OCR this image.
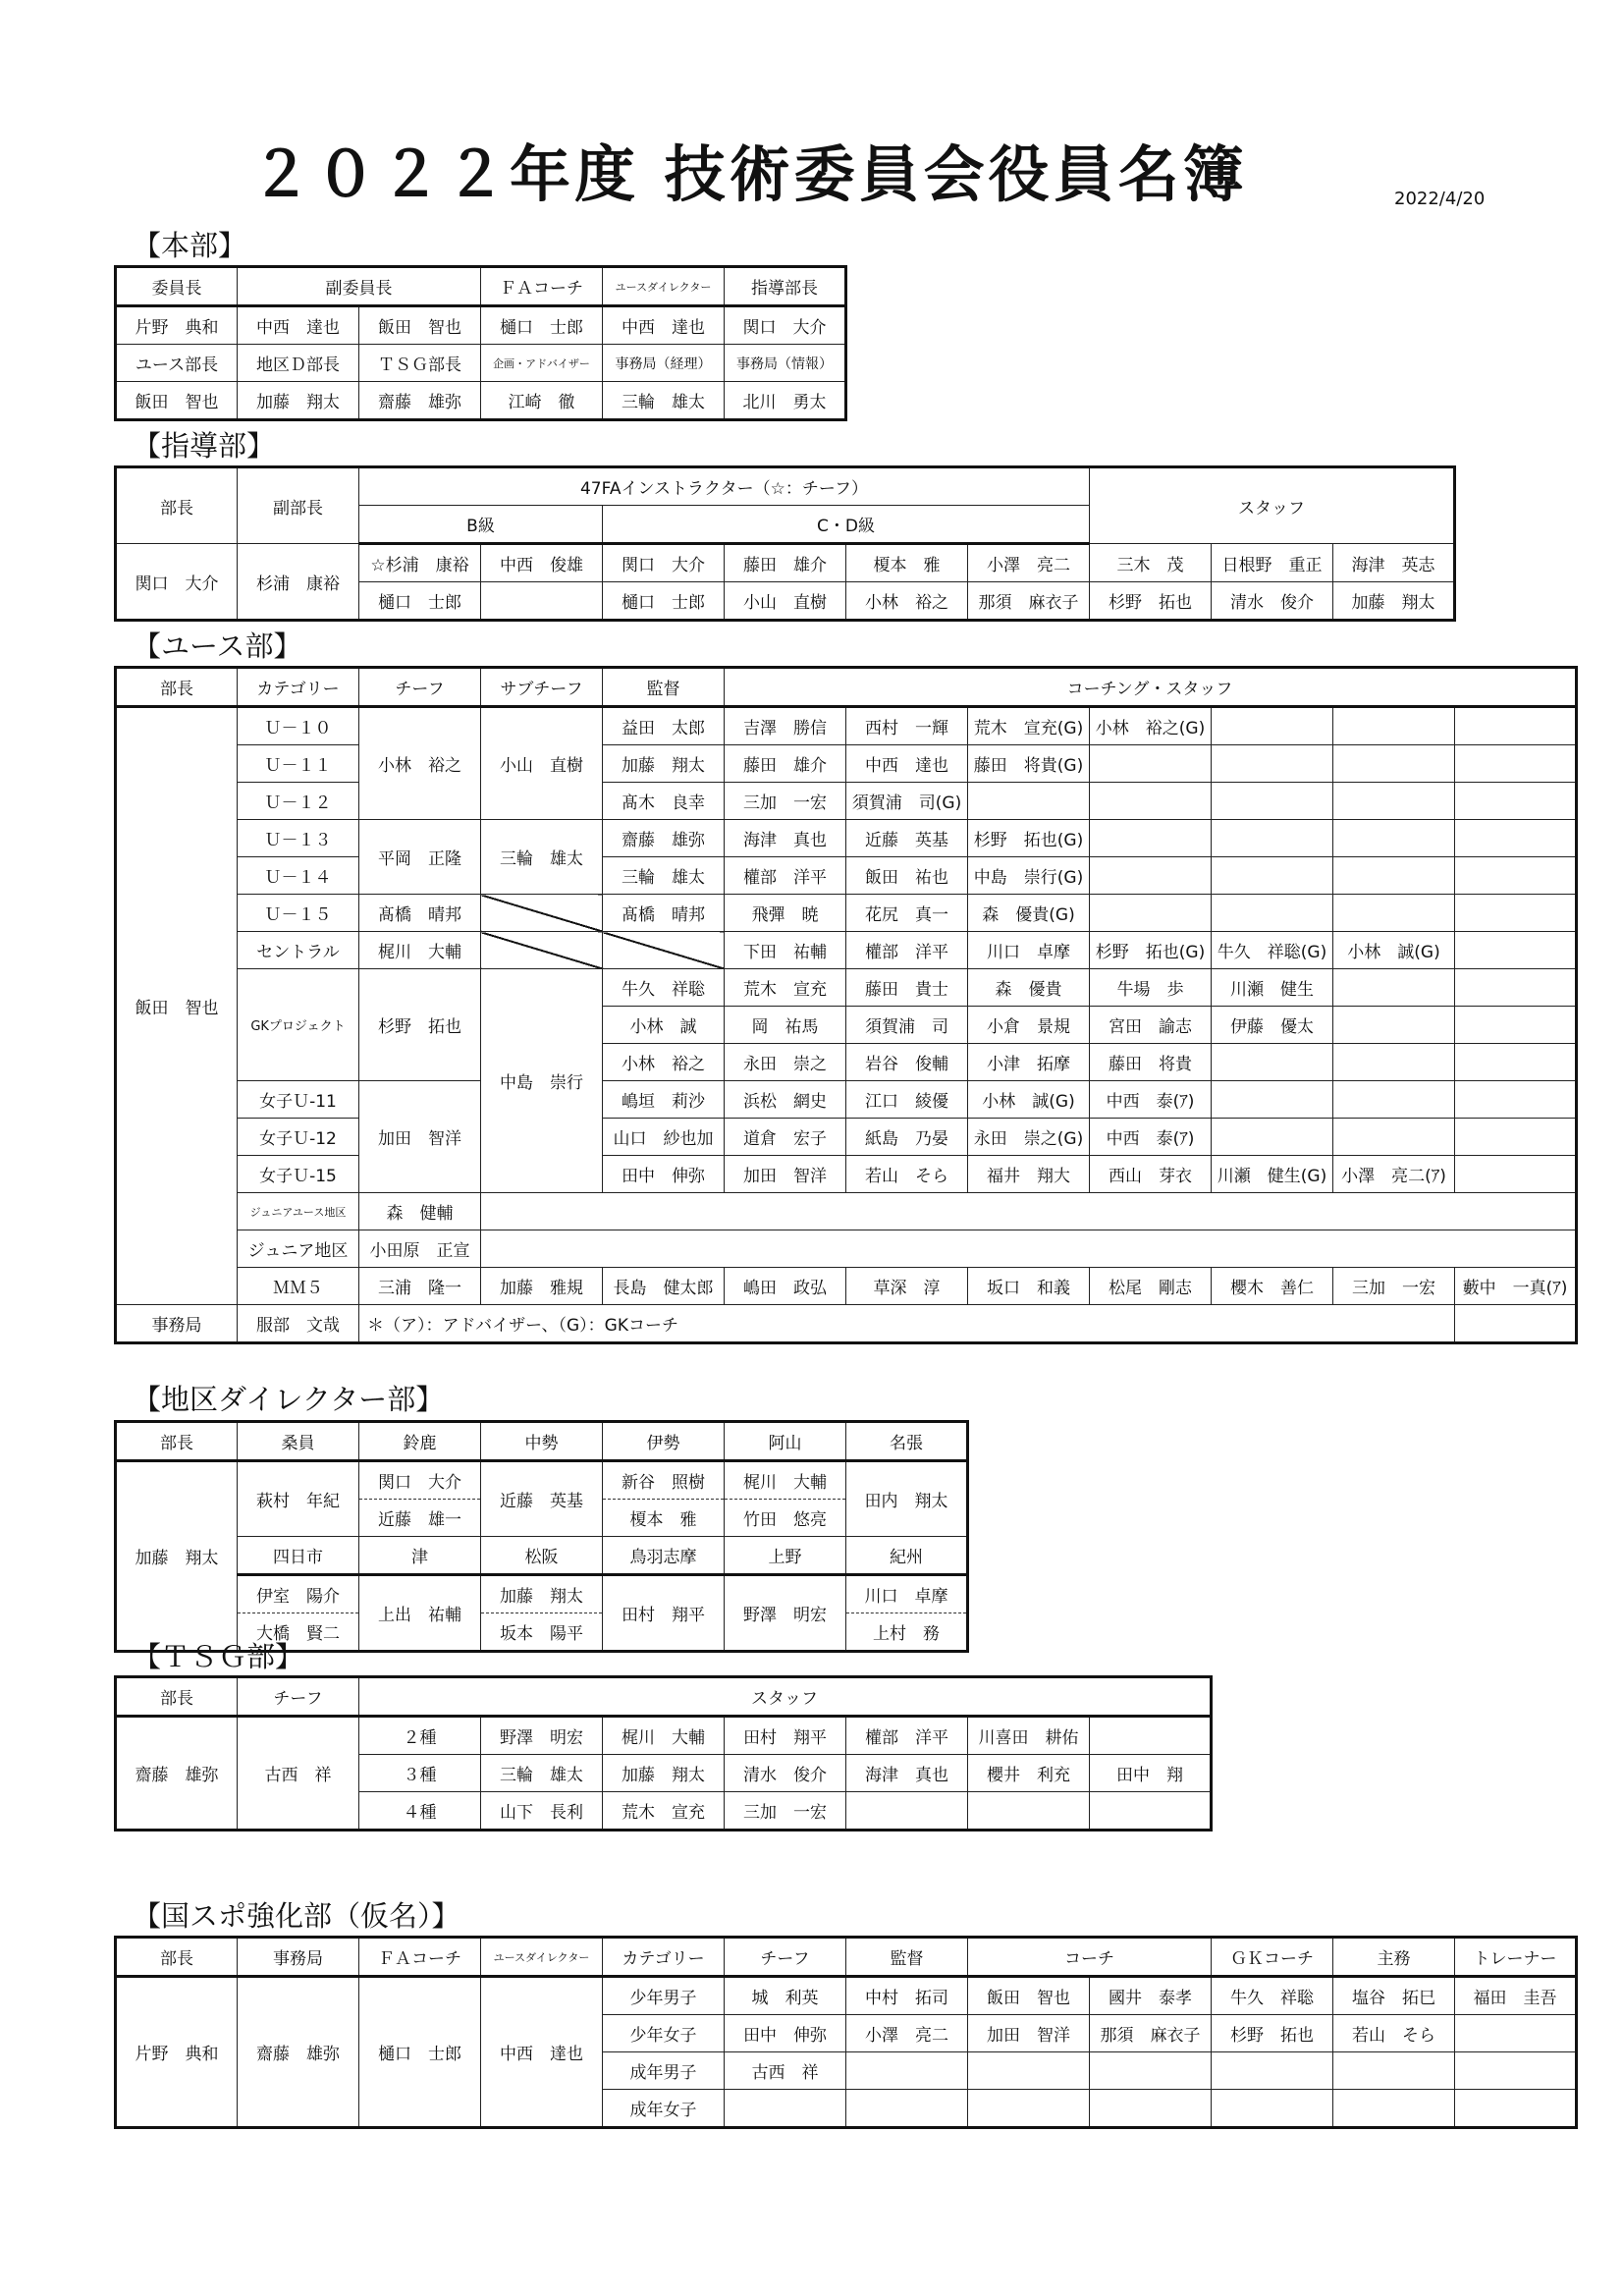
２０２２年度 技術委員会役員名簿	2022/4/20
【本部】
委員長	副委員長		ＦＡコーチ	ユースダイレクター	指導部長
片野　典和	中西　達也	飯田　智也	樋口　士郎	中西　達也	関口　大介
ユース部長	地区Ｄ部長	ＴＳＧ部長	企画・アドバイザー	事務局（経理）	事務局（情報）
飯田　智也	加藤　翔太	齋藤　雄弥	江崎　徹	三輪　雄太	北川　勇太
【指導部】
部長	副部長	47FAインストラクター（☆：チーフ）						スタッフ		
		B級		C・D級						
関口　大介	杉浦　康裕	☆杉浦　康裕	中西　俊雄	関口　大介	藤田　雄介	榎本　雅	小澤　亮二	三木　茂	日根野　重正	海津　英志
		樋口　士郎		樋口　士郎	小山　直樹	小林　裕之	那須　麻衣子	杉野　拓也	清水　俊介	加藤　翔太
【ユース部】
部長	カテゴリー	チーフ	サブチーフ	監督	コーチング・スタッフ						
飯田　智也	Ｕ－１０	小林　裕之	小山　直樹	益田　太郎	吉澤　勝信	西村　一輝	荒木　宣充(G)	小林　裕之(G)			
	Ｕ－１１			加藤　翔太	藤田　雄介	中西　達也	藤田　将貴(G)				
	Ｕ－１２			髙木　良幸	三加　一宏	須賀浦　司(G)					
	Ｕ－１３	平岡　正隆	三輪　雄太	齋藤　雄弥	海津　真也	近藤　英基	杉野　拓也(G)				
	Ｕ－１４			三輪　雄太	權部　洋平	飯田　祐也	中島　崇行(G)				
	Ｕ－１５	髙橋　晴邦		髙橋　晴邦	飛彈　暁	花尻　真一	森　優貴(G)				
	セントラル	梶川　大輔			下田　祐輔	權部　洋平	川口　卓摩	杉野　拓也(G)	牛久　祥聡(G)	小林　誠(G)	
	GKプロジェクト	杉野　拓也	中島　崇行	牛久　祥聡	荒木　宣充	藤田　貴士	森　優貴	牛場　歩	川瀬　健生		
				小林　誠	岡　祐馬	須賀浦　司	小倉　景規	宮田　諭志	伊藤　優太		
				小林　裕之	永田　崇之	岩谷　俊輔	小津　拓摩	藤田　将貴			
	女子Ｕ-11	加田　智洋		嶋垣　莉沙	浜松　網史	江口　綾優	小林　誠(G)	中西　泰(ｱ)			
	女子Ｕ-12			山口　紗也加	道倉　宏子	紙島　乃晏	永田　崇之(G)	中西　泰(ｱ)			
	女子Ｕ-15			田中　伸弥	加田　智洋	若山　そら	福井　翔大	西山　芽衣	川瀬　健生(G)	小澤　亮二(ｱ)	
	ジュニアユース地区	森　健輔									
	ジュニア地区	小田原　正宣									
	ＭＭ５	三浦　隆一	加藤　雅規	長島　健太郎	嶋田　政弘	草深　淳	坂口　和義	松尾　剛志	櫻木　善仁	三加　一宏	藪中　一真(ｱ)
事務局	服部　文哉	＊（ア）：アドバイザー、（G）：GKコーチ									
【地区ダイレクター部】
部長	桑員	鈴鹿	中勢	伊勢	阿山	名張
加藤　翔太	萩村　年紀	関口　大介	近藤　英基	新谷　照樹	梶川　大輔	田内　翔太
		近藤　雄一		榎本　雅	竹田　悠亮	
	四日市	津	松阪	鳥羽志摩	上野	紀州
	伊室　陽介	上出　祐輔	加藤　翔太	田村　翔平	野澤　明宏	川口　卓摩
	大橋　賢二		坂本　陽平			上村　務
【ＴＳＧ部】
部長	チーフ	スタッフ						
齋藤　雄弥	古西　祥	２種	野澤　明宏	梶川　大輔	田村　翔平	權部　洋平	川喜田　耕佑	
		３種	三輪　雄太	加藤　翔太	清水　俊介	海津　真也	櫻井　利充	田中　翔
		４種	山下　長利	荒木　宣充	三加　一宏			
【国スポ強化部（仮名）】
部長	事務局	ＦＡコーチ	ユースダイレクター	カテゴリー	チーフ	監督	コーチ		ＧＫコーチ	主務	トレーナー
片野　典和	齋藤　雄弥	樋口　士郎	中西　達也	少年男子	城　利英	中村　拓司	飯田　智也	國井　泰孝	牛久　祥聡	塩谷　拓巳	福田　圭吾
				少年女子	田中　伸弥	小澤　亮二	加田　智洋	那須　麻衣子	杉野　拓也	若山　そら	
				成年男子	古西　祥						
				成年女子							
